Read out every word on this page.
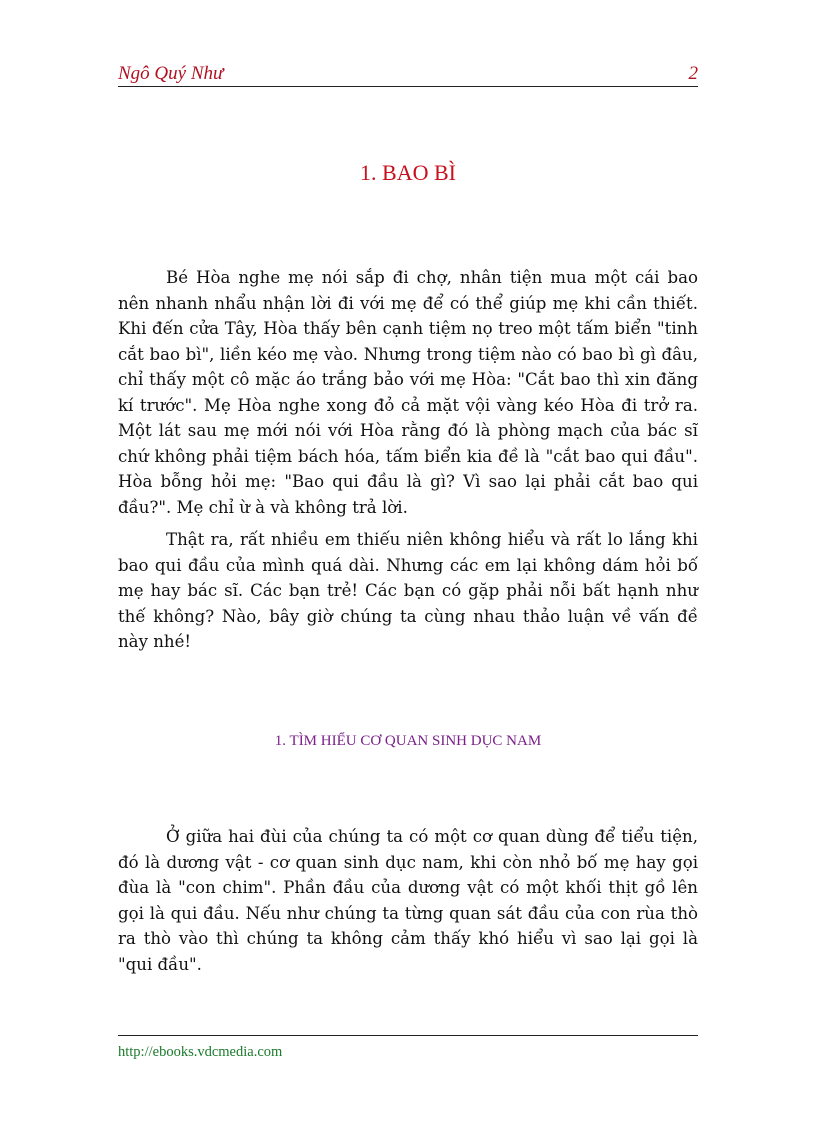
Ngô Quý Như	2
1. BAO BÌ

Bé Hòa nghe mẹ nói sắp đi chợ, nhân tiện mua một cái bao nên nhanh nhẩu nhận lời đi với mẹ để có thể giúp mẹ khi cần thiết. Khi đến cửa Tây, Hòa thấy bên cạnh tiệm nọ treo một tấm biển "tinh cắt bao bì", liền kéo mẹ vào. Nhưng trong tiệm nào có bao bì gì đâu, chỉ thấy một cô mặc áo trắng bảo với mẹ Hòa: "Cắt bao thì xin đăng kí trước". Mẹ Hòa nghe xong đỏ cả mặt vội vàng kéo Hòa đi trở ra. Một lát sau mẹ mới nói với Hòa rằng đó là phòng mạch của bác sĩ chứ không phải tiệm bách hóa, tấm biển kia đề là "cắt bao qui đầu". Hòa bỗng hỏi mẹ: "Bao qui đầu là gì? Vì sao lại phải cắt bao qui đầu?". Mẹ chỉ ừ à và không trả lời.

Thật ra, rất nhiều em thiếu niên không hiểu và rất lo lắng khi bao qui đầu của mình quá dài. Nhưng các em lại không dám hỏi bố mẹ hay bác sĩ. Các bạn trẻ! Các bạn có gặp phải nỗi bất hạnh như thế không? Nào, bây giờ chúng ta cùng nhau thảo luận về vấn đề này nhé!

1. TÌM HIỂU CƠ QUAN SINH DỤC NAM

Ở giữa hai đùi của chúng ta có một cơ quan dùng để tiểu tiện, đó là dương vật - cơ quan sinh dục nam, khi còn nhỏ bố mẹ hay gọi đùa là "con chim". Phần đầu của dương vật có một khối thịt gồ lên gọi là qui đầu. Nếu như chúng ta từng quan sát đầu của con rùa thò ra thò vào thì chúng ta không cảm thấy khó hiểu vì sao lại gọi là "qui đầu".

http://ebooks.vdcmedia.com
